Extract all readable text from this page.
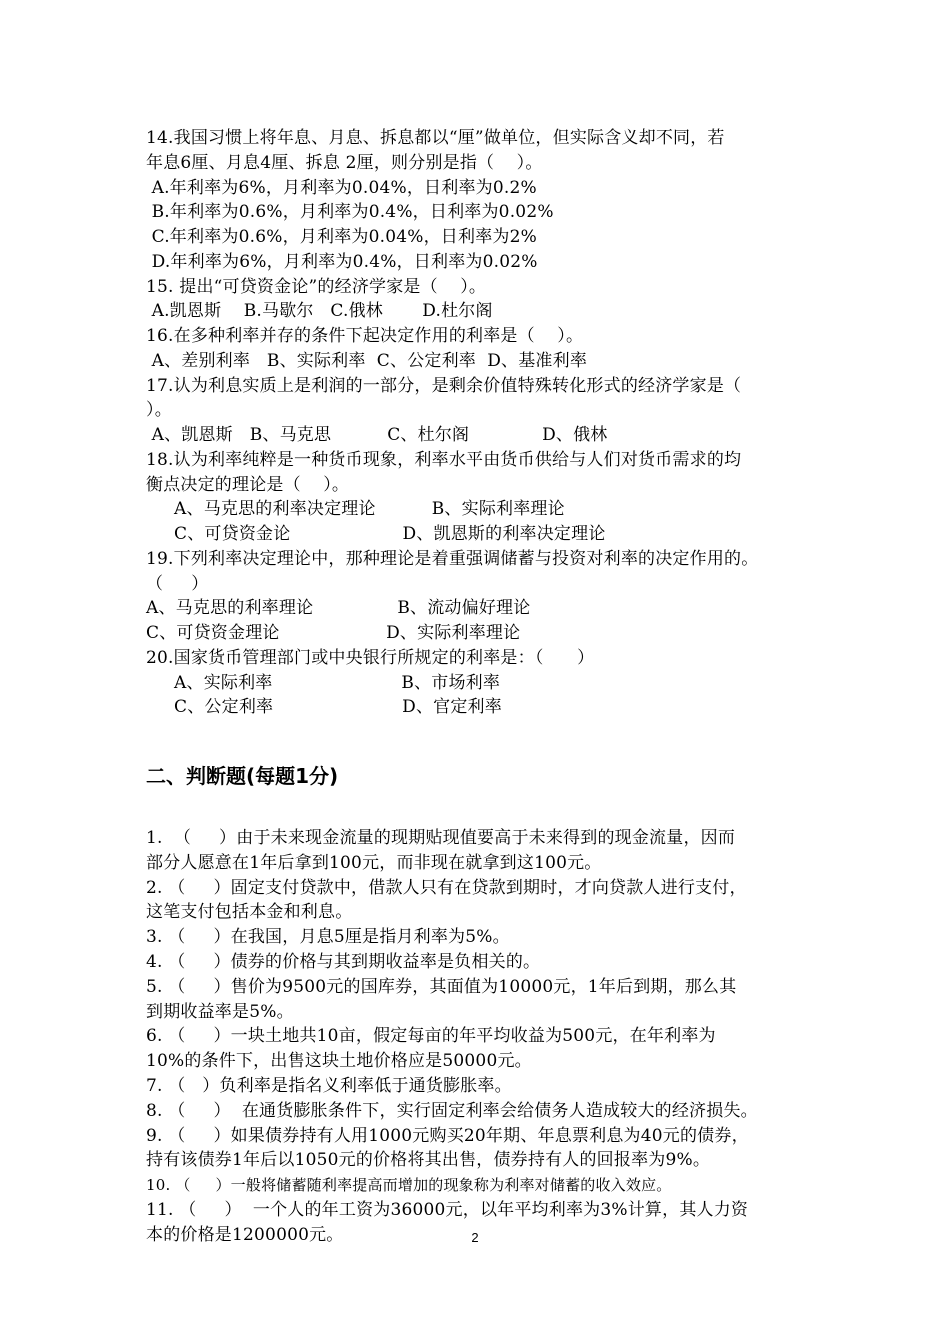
14.我国习惯上将年息、月息、拆息都以“厘”做单位，但实际含义却不同，若
年息6厘、月息4厘、拆息 2厘，则分别是指（    ）。
A.年利率为6%，月利率为0.04%，日利率为0.2%
B.年利率为0.6%，月利率为0.4%，日利率为0.02%
C.年利率为0.6%，月利率为0.04%，日利率为2%
D.年利率为6%，月利率为0.4%，日利率为0.02%
15. 提出“可贷资金论”的经济学家是（    ）。
A.凯恩斯    B.马歇尔   C.俄林       D.杜尔阁
16.在多种利率并存的条件下起决定作用的利率是（    ）。
A、差别利率   B、实际利率  C、公定利率  D、基准利率
17.认为利息实质上是利润的一部分，是剩余价值特殊转化形式的经济学家是（
）。
A、凯恩斯   B、马克思          C、杜尔阁             D、俄林
18.认为利率纯粹是一种货币现象，利率水平由货币供给与人们对货币需求的均
衡点决定的理论是（    ）。
A、马克思的利率决定理论          B、实际利率理论
C、可贷资金论                    D、凯恩斯的利率决定理论
19.下列利率决定理论中，那种理论是着重强调储蓄与投资对利率的决定作用的。
（     ）
A、马克思的利率理论               B、流动偏好理论
C、可贷资金理论                   D、实际利率理论
20.国家货币管理部门或中央银行所规定的利率是：（      ）
A、实际利率                       B、市场利率
C、公定利率                       D、官定利率
二、判断题(每题1分)
1.  （     ）由于未来现金流量的现期贴现值要高于未来得到的现金流量，因而
部分人愿意在1年后拿到100元，而非现在就拿到这100元。
2. （     ）固定支付贷款中，借款人只有在贷款到期时，才向贷款人进行支付，
这笔支付包括本金和利息。
3. （     ）在我国，月息5厘是指月利率为5%。
4. （     ）债券的价格与其到期收益率是负相关的。
5. （     ）售价为9500元的国库券，其面值为10000元，1年后到期，那么其
到期收益率是5%。
6. （     ）一块土地共10亩，假定每亩的年平均收益为500元，在年利率为
10%的条件下，出售这块土地价格应是50000元。
7. （   ）负利率是指名义利率低于通货膨胀率。
8. （     ）  在通货膨胀条件下，实行固定利率会给债务人造成较大的经济损失。
9. （     ）如果债券持有人用1000元购买20年期、年息票利息为40元的债券，
持有该债券1年后以1050元的价格将其出售，债券持有人的回报率为9%。
10. （     ）一般将储蓄随利率提高而增加的现象称为利率对储蓄的收入效应。
11. （     ）  一个人的年工资为36000元，以年平均利率为3%计算，其人力资
本的价格是1200000元。	2
